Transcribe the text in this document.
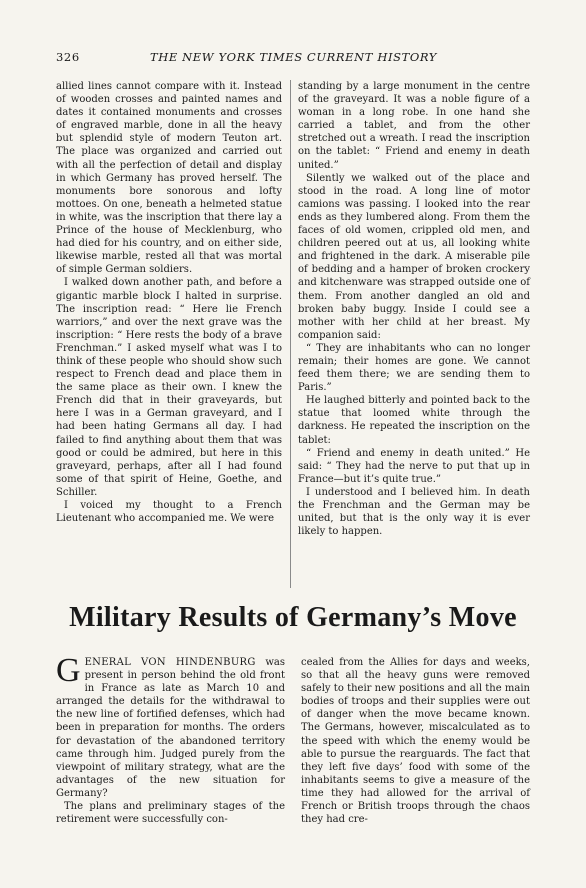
326	THE NEW YORK TIMES CURRENT HISTORY

allied lines cannot compare with it. Instead of wooden crosses and painted names and dates it contained monuments and crosses of engraved marble, done in all the heavy but splendid style of modern Teuton art. The place was organized and carried out with all the perfection of detail and display in which Germany has proved herself. The monuments bore sonorous and lofty mottoes. On one, beneath a helmeted statue in white, was the inscription that there lay a Prince of the house of Mecklenburg, who had died for his country, and on either side, likewise marble, rested all that was mortal of simple German soldiers.

I walked down another path, and before a gigantic marble block I halted in surprise. The inscription read: “ Here lie French warriors,” and over the next grave was the inscription: “ Here rests the body of a brave Frenchman.” I asked myself what was I to think of these people who should show such respect to French dead and place them in the same place as their own. I knew the French did that in their graveyards, but here I was in a German graveyard, and I had been hating Germans all day. I had failed to find anything about them that was good or could be admired, but here in this graveyard, perhaps, after all I had found some of that spirit of Heine, Goethe, and Schiller.

I voiced my thought to a French Lieutenant who accompanied me. We were

standing by a large monument in the centre of the graveyard. It was a noble figure of a woman in a long robe. In one hand she carried a tablet, and from the other stretched out a wreath. I read the inscription on the tablet: “ Friend and enemy in death united.”

Silently we walked out of the place and stood in the road. A long line of motor camions was passing. I looked into the rear ends as they lumbered along. From them the faces of old women, crippled old men, and children peered out at us, all looking white and frightened in the dark. A miserable pile of bedding and a hamper of broken crockery and kitchenware was strapped outside one of them. From another dangled an old and broken baby buggy. Inside I could see a mother with her child at her breast. My companion said:

“ They are inhabitants who can no longer remain; their homes are gone. We cannot feed them there; we are sending them to Paris.”

He laughed bitterly and pointed back to the statue that loomed white through the darkness. He repeated the inscription on the tablet:

“ Friend and enemy in death united.” He said: “ They had the nerve to put that up in France—but it’s quite true.”

I understood and I believed him. In death the Frenchman and the German may be united, but that is the only way it is ever likely to happen.

Military Results of Germany’s Move

GENERAL VON HINDENBURG was present in person behind the old front in France as late as March 10 and arranged the details for the withdrawal to the new line of fortified defenses, which had been in preparation for months. The orders for devastation of the abandoned territory came through him. Judged purely from the viewpoint of military strategy, what are the advantages of the new situation for Germany?

The plans and preliminary stages of the retirement were successfully con-

cealed from the Allies for days and weeks, so that all the heavy guns were removed safely to their new positions and all the main bodies of troops and their supplies were out of danger when the move became known. The Germans, however, miscalculated as to the speed with which the enemy would be able to pursue the rearguards. The fact that they left five days’ food with some of the inhabitants seems to give a measure of the time they had allowed for the arrival of French or British troops through the chaos they had cre-
